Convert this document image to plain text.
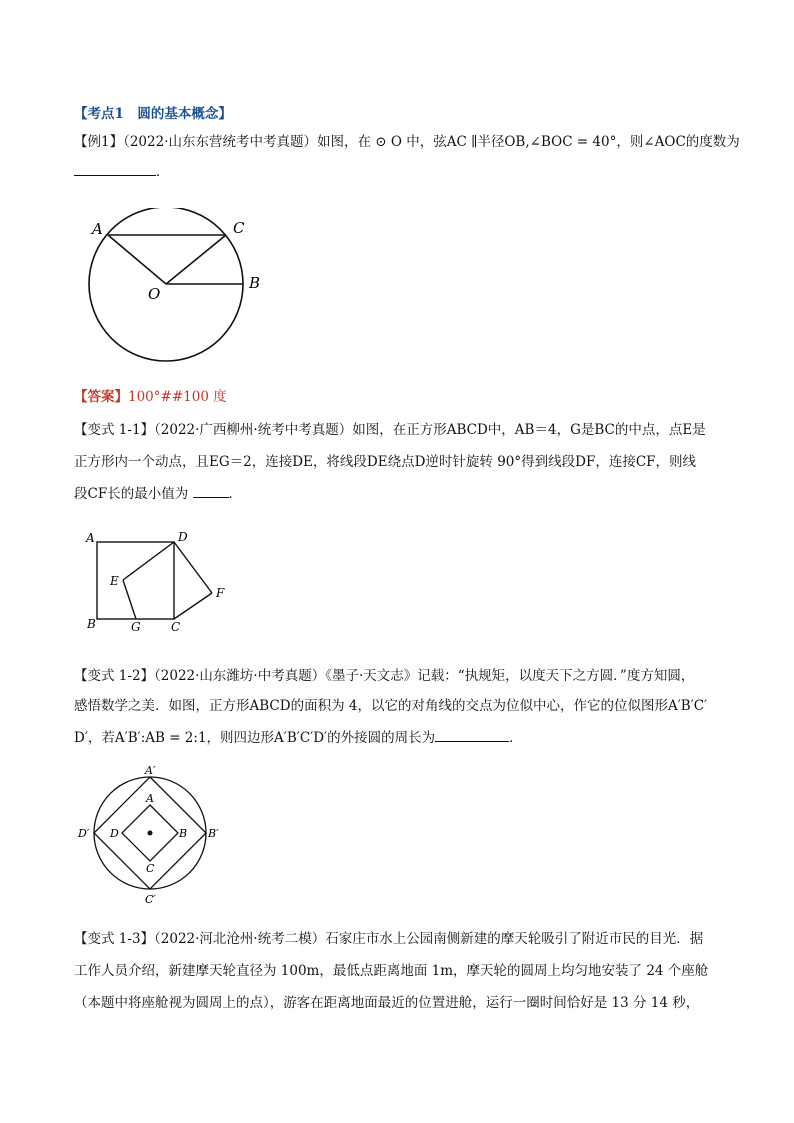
【考点1　圆的基本概念】
【例1】（2022·山东东营统考中考真题）如图，在 ⊙ O 中，弦AC ∥半径OB,∠BOC = 40°，则∠AOC的度数为
．
A	C
O
B
【答案】100°##100 度
【变式 1-1】（2022·广西柳州·统考中考真题）如图，在正方形ABCD中，AB＝4，G是BC的中点，点E是
正方形内一个动点，且EG＝2，连接DE，将线段DE绕点D逆时针旋转 90°得到线段DF，连接CF，则线
段CF长的最小值为	．
A	D
E
F
B	G	C
【变式 1-2】（2022·山东潍坊·中考真题）《墨子·天文志》记载：“执规矩，以度天下之方圆．”度方知圆，
感悟数学之美．如图，正方形ABCD的面积为 4，以它的对角线的交点为位似中心，作它的位似图形A′B′C′
D′，若A′B′:AB = 2:1，则四边形A′B′C′D′的外接圆的周长为	．
A′
B′
C′
D′
A
B
C
D
【变式 1-3】（2022·河北沧州·统考二模）石家庄市水上公园南侧新建的摩天轮吸引了附近市民的目光．据
工作人员介绍，新建摩天轮直径为 100m，最低点距离地面 1m，摩天轮的圆周上均匀地安装了 24 个座舱
（本题中将座舱视为圆周上的点），游客在距离地面最近的位置进舱，运行一圈时间恰好是 13 分 14 秒，
